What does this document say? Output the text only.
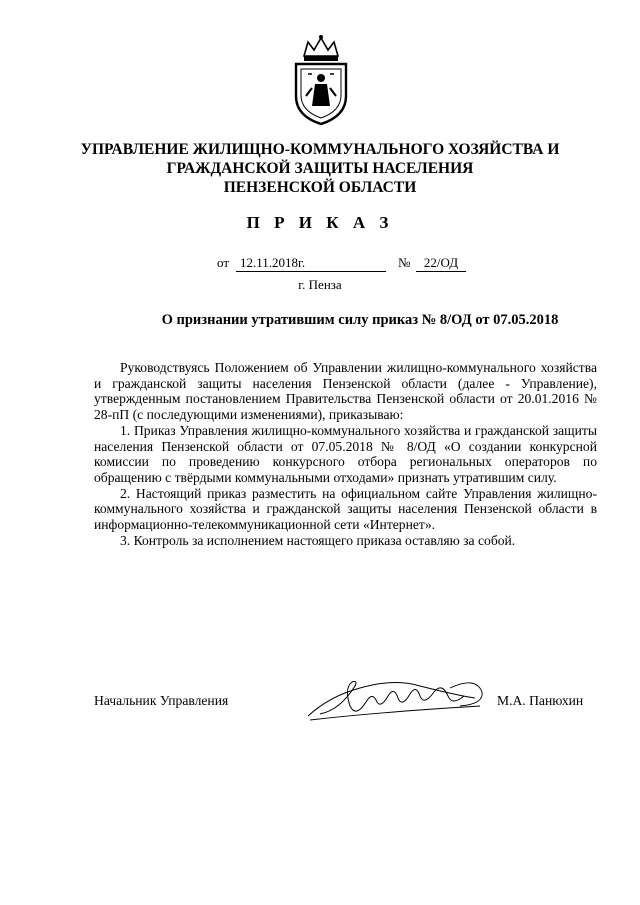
УПРАВЛЕНИЕ ЖИЛИЩНО-КОММУНАЛЬНОГО ХОЗЯЙСТВА И
ГРАЖДАНСКОЙ ЗАЩИТЫ НАСЕЛЕНИЯ
ПЕНЗЕНСКОЙ ОБЛАСТИ
П Р И К А З
от 12.11.2018г.	№	22/ОД
г. Пенза
О признании утратившим силу приказ № 8/ОД от 07.05.2018

Руководствуясь Положением об Управлении жилищно-коммунального хозяйства и гражданской защиты населения Пензенской области (далее - Управление), утвержденным постановлением Правительства Пензенской области от 20.01.2016 № 28-пП (с последующими изменениями), приказываю:

1. Приказ Управления жилищно-коммунального хозяйства и гражданской защиты населения Пензенской области от 07.05.2018 № 8/ОД «О создании конкурсной комиссии по проведению конкурсного отбора региональных операторов по обращению с твёрдыми коммунальными отходами» признать утратившим силу.

2. Настоящий приказ разместить на официальном сайте Управления жилищно-коммунального хозяйства и гражданской защиты населения Пензенской области в информационно-телекоммуникационной сети «Интернет».

3. Контроль за исполнением настоящего приказа оставляю за собой.

Начальник Управления	М.А. Панюхин
